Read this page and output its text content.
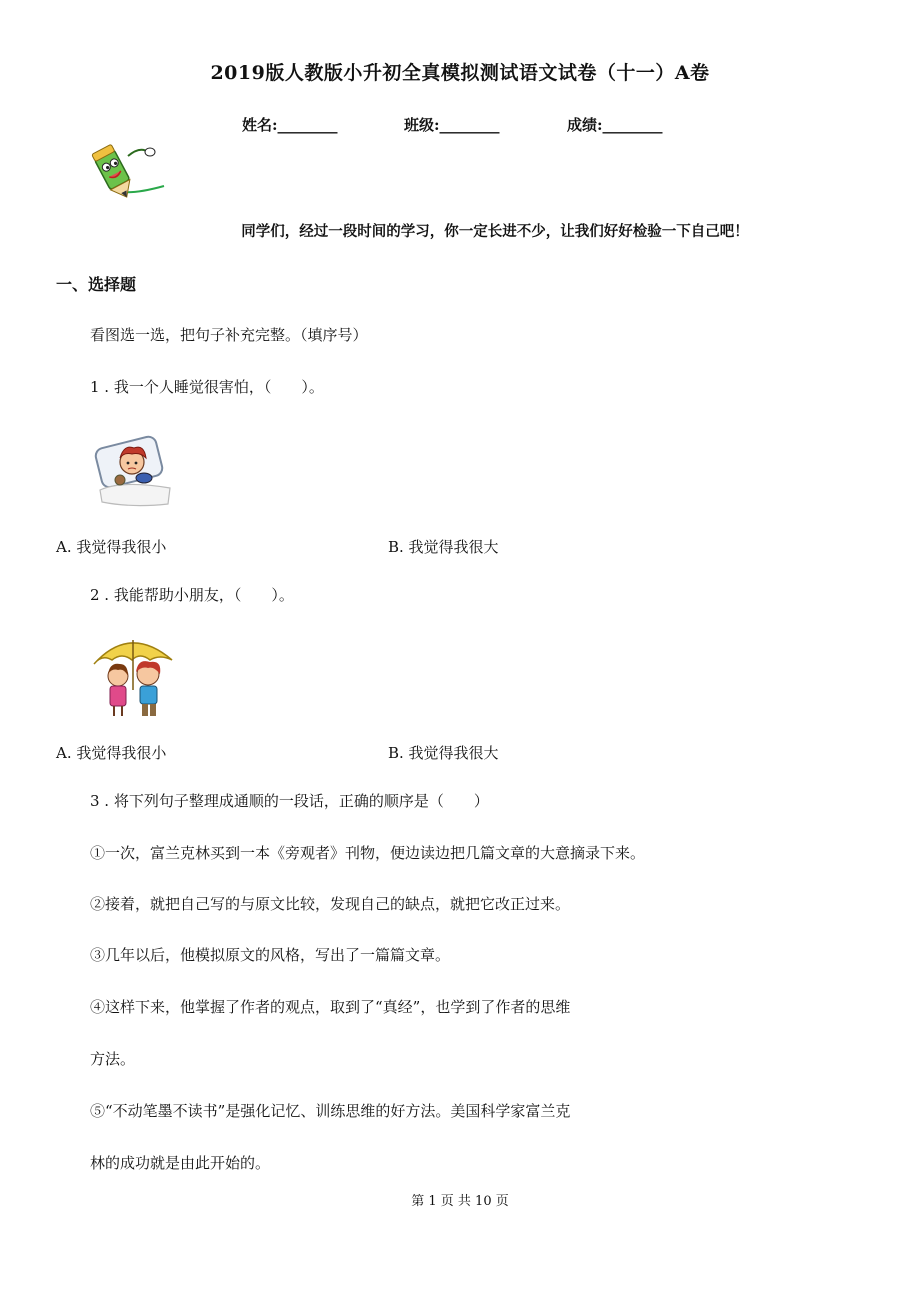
2019版人教版小升初全真模拟测试语文试卷（十一）A卷
姓名:________	班级:________	成绩:________
同学们，经过一段时间的学习，你一定长进不少，让我们好好检验一下自己吧！
一、选择题
看图选一选，把句子补充完整。（填序号）
1 . 我一个人睡觉很害怕，（　　）。
A. 我觉得我很小	B. 我觉得我很大
2 . 我能帮助小朋友，（　　）。
A. 我觉得我很小	B. 我觉得我很大
3 . 将下列句子整理成通顺的一段话，正确的顺序是（　　）
①一次，富兰克林买到一本《旁观者》刊物，便边读边把几篇文章的大意摘录下来。
②接着，就把自己写的与原文比较，发现自己的缺点，就把它改正过来。
③几年以后，他模拟原文的风格，写出了一篇篇文章。
④这样下来，他掌握了作者的观点，取到了“真经”，也学到了作者的思维
方法。
⑤“不动笔墨不读书”是强化记忆、训练思维的好方法。美国科学家富兰克
林的成功就是由此开始的。
第 1 页 共 10 页
